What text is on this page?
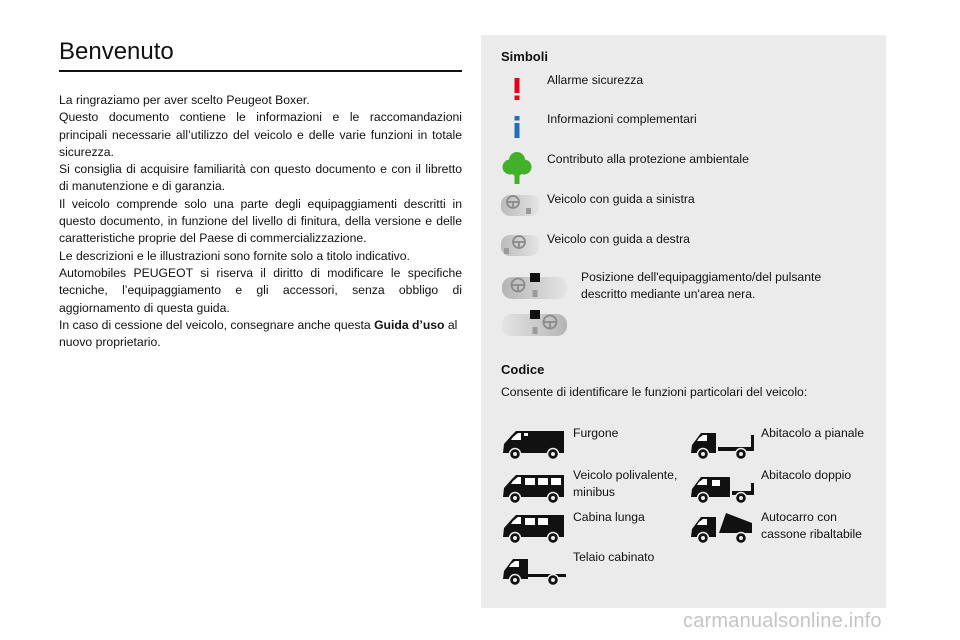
Benvenuto

La ringraziamo per aver scelto Peugeot Boxer.

Questo documento contiene le informazioni e le raccomandazioni principali necessarie all’utilizzo del veicolo e delle varie funzioni in totale sicurezza.

Si consiglia di acquisire familiarità con questo documento e con il libretto di manutenzione e di garanzia.

Il veicolo comprende solo una parte degli equipaggiamenti descritti in questo documento, in funzione del livello di finitura, della versione e delle caratteristiche proprie del Paese di commercializzazione.

Le descrizioni e le illustrazioni sono fornite solo a titolo indicativo.

Automobiles PEUGEOT si riserva il diritto di modificare le specifiche tecniche, l’equipaggiamento e gli accessori, senza obbligo di aggiornamento di questa guida.

In caso di cessione del veicolo, consegnare anche questa Guida d’uso al nuovo proprietario.

Simboli
Allarme sicurezza
Informazioni complementari
Contributo alla protezione ambientale
Veicolo con guida a sinistra
Veicolo con guida a destra
Posizione dell'equipaggiamento/del pulsante descritto mediante un'area nera.
Codice
Consente di identificare le funzioni particolari del veicolo:
Furgone	Abitacolo a pianale
Veicolo polivalente, minibus
Abitacolo doppio
Cabina lunga	Autocarro con cassone ribaltabile
Telaio cabinato
carmanualsonline.info
